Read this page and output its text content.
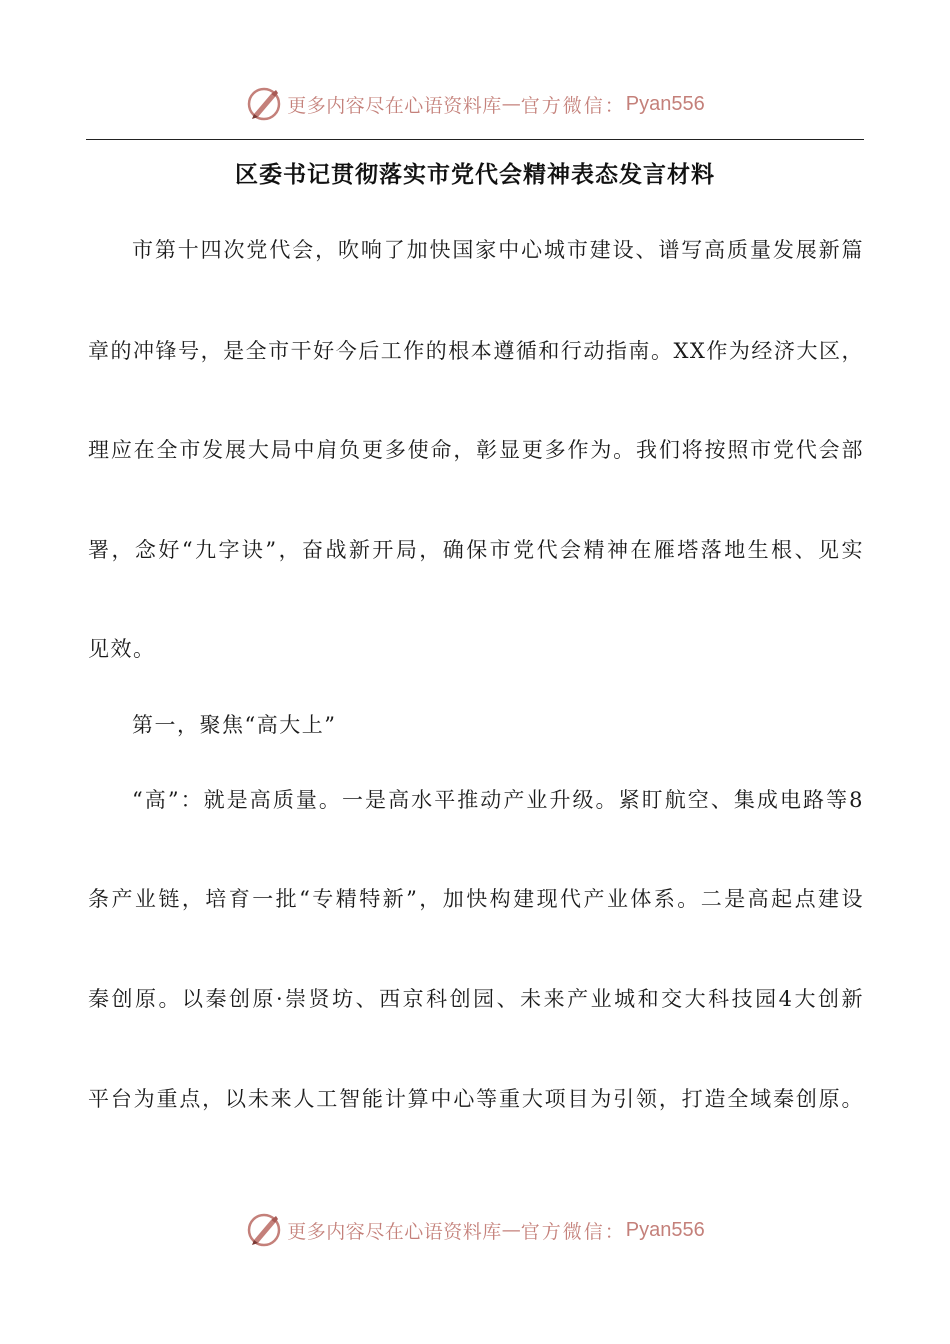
更多内容尽在心语资料库 — 官方微信： Pyan556
区委书记贯彻落实市党代会精神表态发言材料
市第十四次党代会，吹响了加快国家中心城市建设、谱写高质量发展新篇
章的冲锋号，是全市干好今后工作的根本遵循和行动指南。XX作为经济大区，
理应在全市发展大局中肩负更多使命，彰显更多作为。我们将按照市党代会部
署，念好“九字诀”，奋战新开局，确保市党代会精神在雁塔落地生根、见实
见效。
第一，聚焦“高大上”
“高”：就是高质量。一是高水平推动产业升级。紧盯航空、集成电路等8
条产业链，培育一批“专精特新”，加快构建现代产业体系。二是高起点建设
秦创原。以秦创原·崇贤坊、西京科创园、未来产业城和交大科技园4大创新
平台为重点，以未来人工智能计算中心等重大项目为引领，打造全域秦创原。
更多内容尽在心语资料库 — 官方微信： Pyan556
